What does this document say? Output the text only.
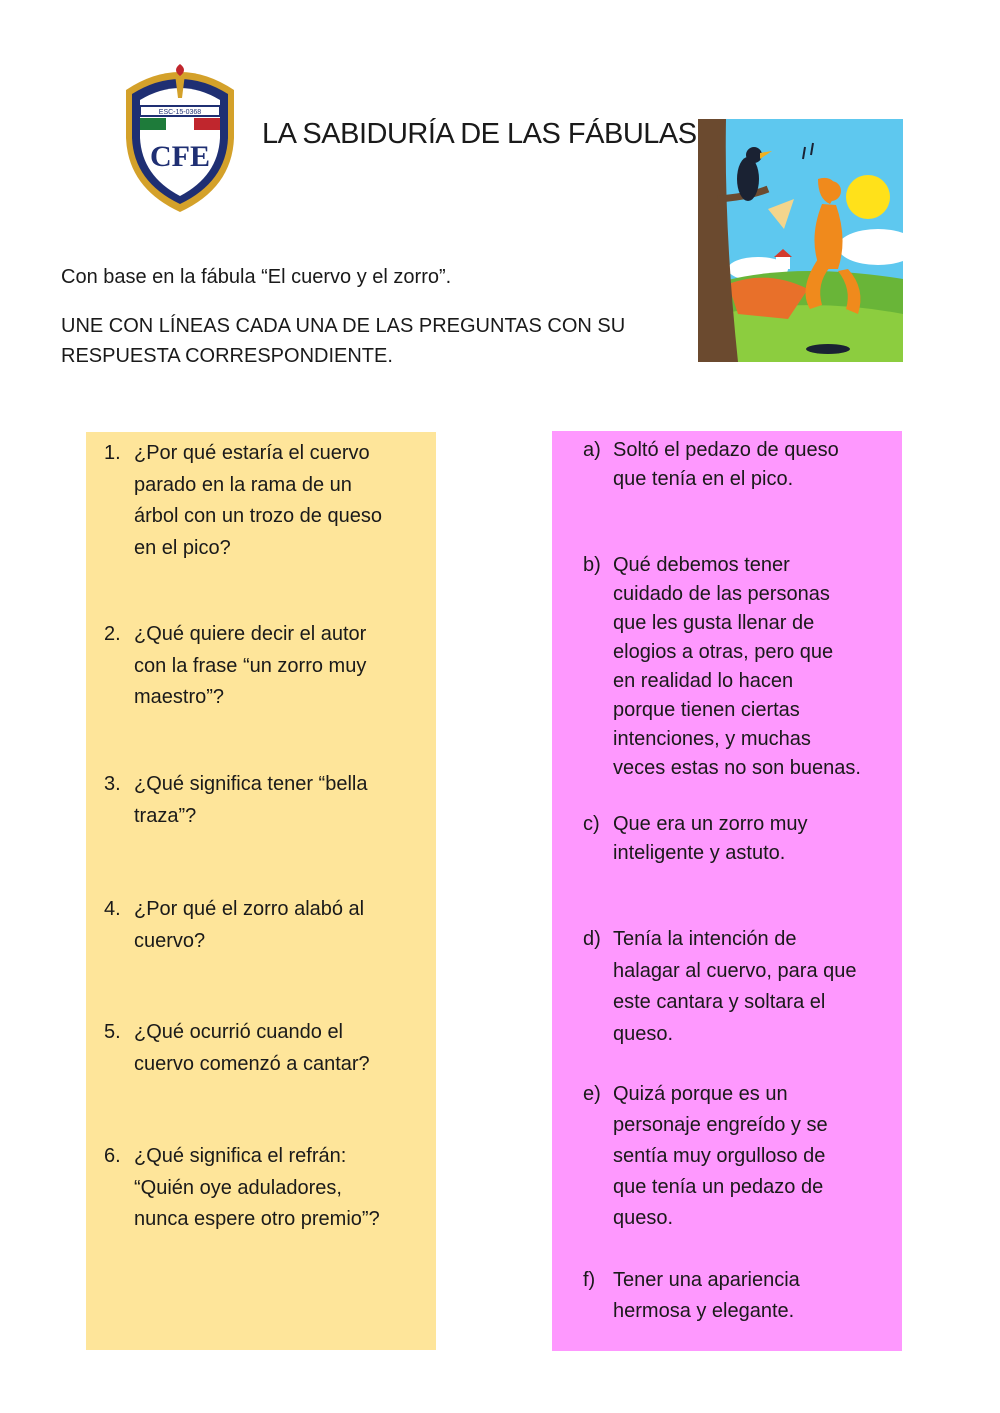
ESC-15-0368
CFE
LA SABIDURÍA DE LAS FÁBULAS
Con base en la fábula “El cuervo y el zorro”.
UNE CON LÍNEAS CADA UNA DE LAS PREGUNTAS CON SU RESPUESTA CORRESPONDIENTE.
1. ¿Por qué estaría el cuervo
parado en la rama de un
árbol con un trozo de queso
en el pico?
2. ¿Qué quiere decir el autor
con la frase “un zorro muy
maestro”?
3. ¿Qué significa tener “bella
traza”?
4. ¿Por qué el zorro alabó al
cuervo?
5. ¿Qué ocurrió cuando el
cuervo comenzó a cantar?
6. ¿Qué significa el refrán:
“Quién oye aduladores,
nunca espere otro premio”?
a) Soltó el pedazo de queso
que tenía en el pico.
b) Qué debemos tener
cuidado de las personas
que les gusta llenar de
elogios a otras, pero que
en realidad lo hacen
porque tienen ciertas
intenciones, y muchas
veces estas no son buenas.
c) Que era un zorro muy
inteligente y astuto.
d) Tenía la intención de
halagar al cuervo, para que
este cantara y soltara el
queso.
e) Quizá porque es un
personaje engreído y se
sentía muy orgulloso de
que tenía un pedazo de
queso.
f) Tener una apariencia
hermosa y elegante.
